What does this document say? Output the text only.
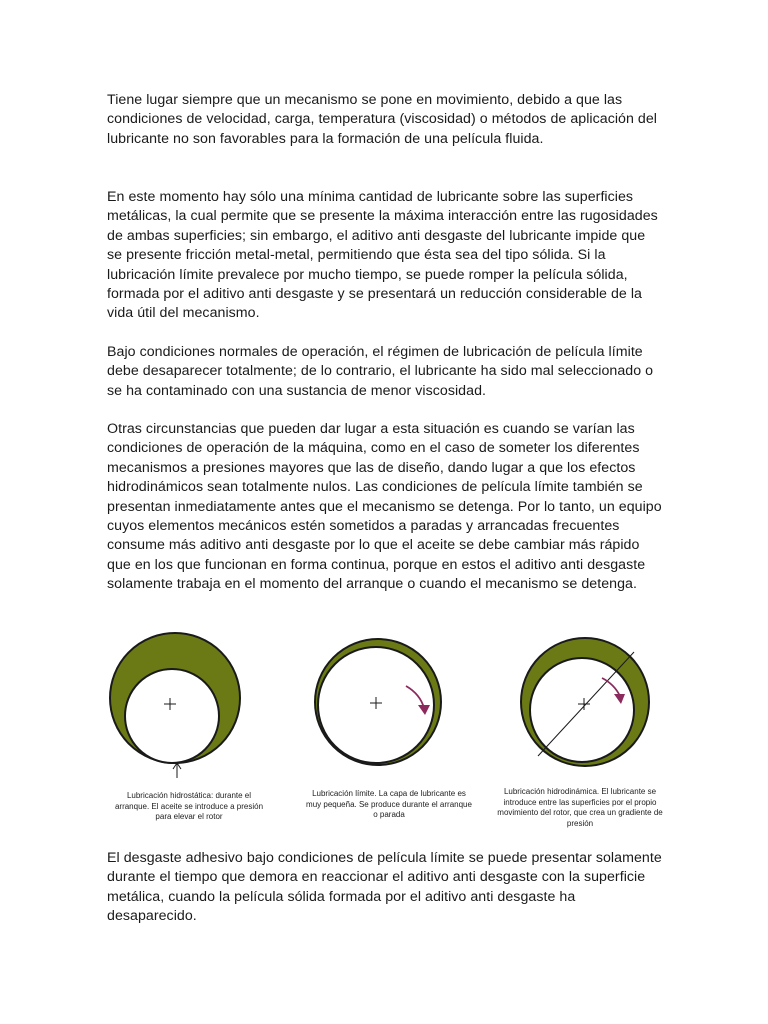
Tiene lugar siempre que un mecanismo se pone en movimiento, debido a que las condiciones de velocidad, carga, temperatura (viscosidad) o métodos de aplicación del lubricante no son favorables para la formación de una película fluida.

En este momento hay sólo una mínima cantidad de lubricante sobre las superficies metálicas, la cual permite que se presente la máxima interacción entre las rugosidades de ambas superficies; sin embargo, el aditivo anti desgaste del lubricante impide que se presente fricción metal-metal, permitiendo que ésta sea del tipo sólida. Si la lubricación límite prevalece por mucho tiempo, se puede romper la película sólida, formada por el aditivo anti desgaste y se presentará un reducción considerable de la vida útil del mecanismo.

Bajo condiciones normales de operación, el régimen de lubricación de película límite debe desaparecer totalmente; de lo contrario, el lubricante ha sido mal seleccionado o se ha contaminado con una sustancia de menor viscosidad.

Otras circunstancias que pueden dar lugar a esta situación es cuando se varían las condiciones de operación de la máquina, como en el caso de someter los diferentes mecanismos a presiones mayores que las de diseño, dando lugar a que los efectos hidrodinámicos sean totalmente nulos. Las condiciones de película límite también se presentan inmediatamente antes que el mecanismo se detenga. Por lo tanto, un equipo cuyos elementos mecánicos estén sometidos a paradas y arrancadas frecuentes consume más aditivo anti desgaste por lo que el aceite se debe cambiar más rápido que en los que funcionan en forma continua, porque en estos el aditivo anti desgaste solamente trabaja en el momento del arranque o cuando el mecanismo se detenga.

Lubricación hidrostática: durante el arranque. El aceite se introduce a presión para elevar el rotor

Lubricación límite. La capa de lubricante es muy pequeña. Se produce durante el arranque o parada

Lubricación hidrodinámica. El lubricante se introduce entre las superficies por el propio movimiento del rotor, que crea un gradiente de presión

El desgaste adhesivo bajo condiciones de película límite se puede presentar solamente durante el tiempo que demora en reaccionar el aditivo anti desgaste con la superficie metálica, cuando la película sólida formada por el aditivo anti desgaste ha desaparecido.
